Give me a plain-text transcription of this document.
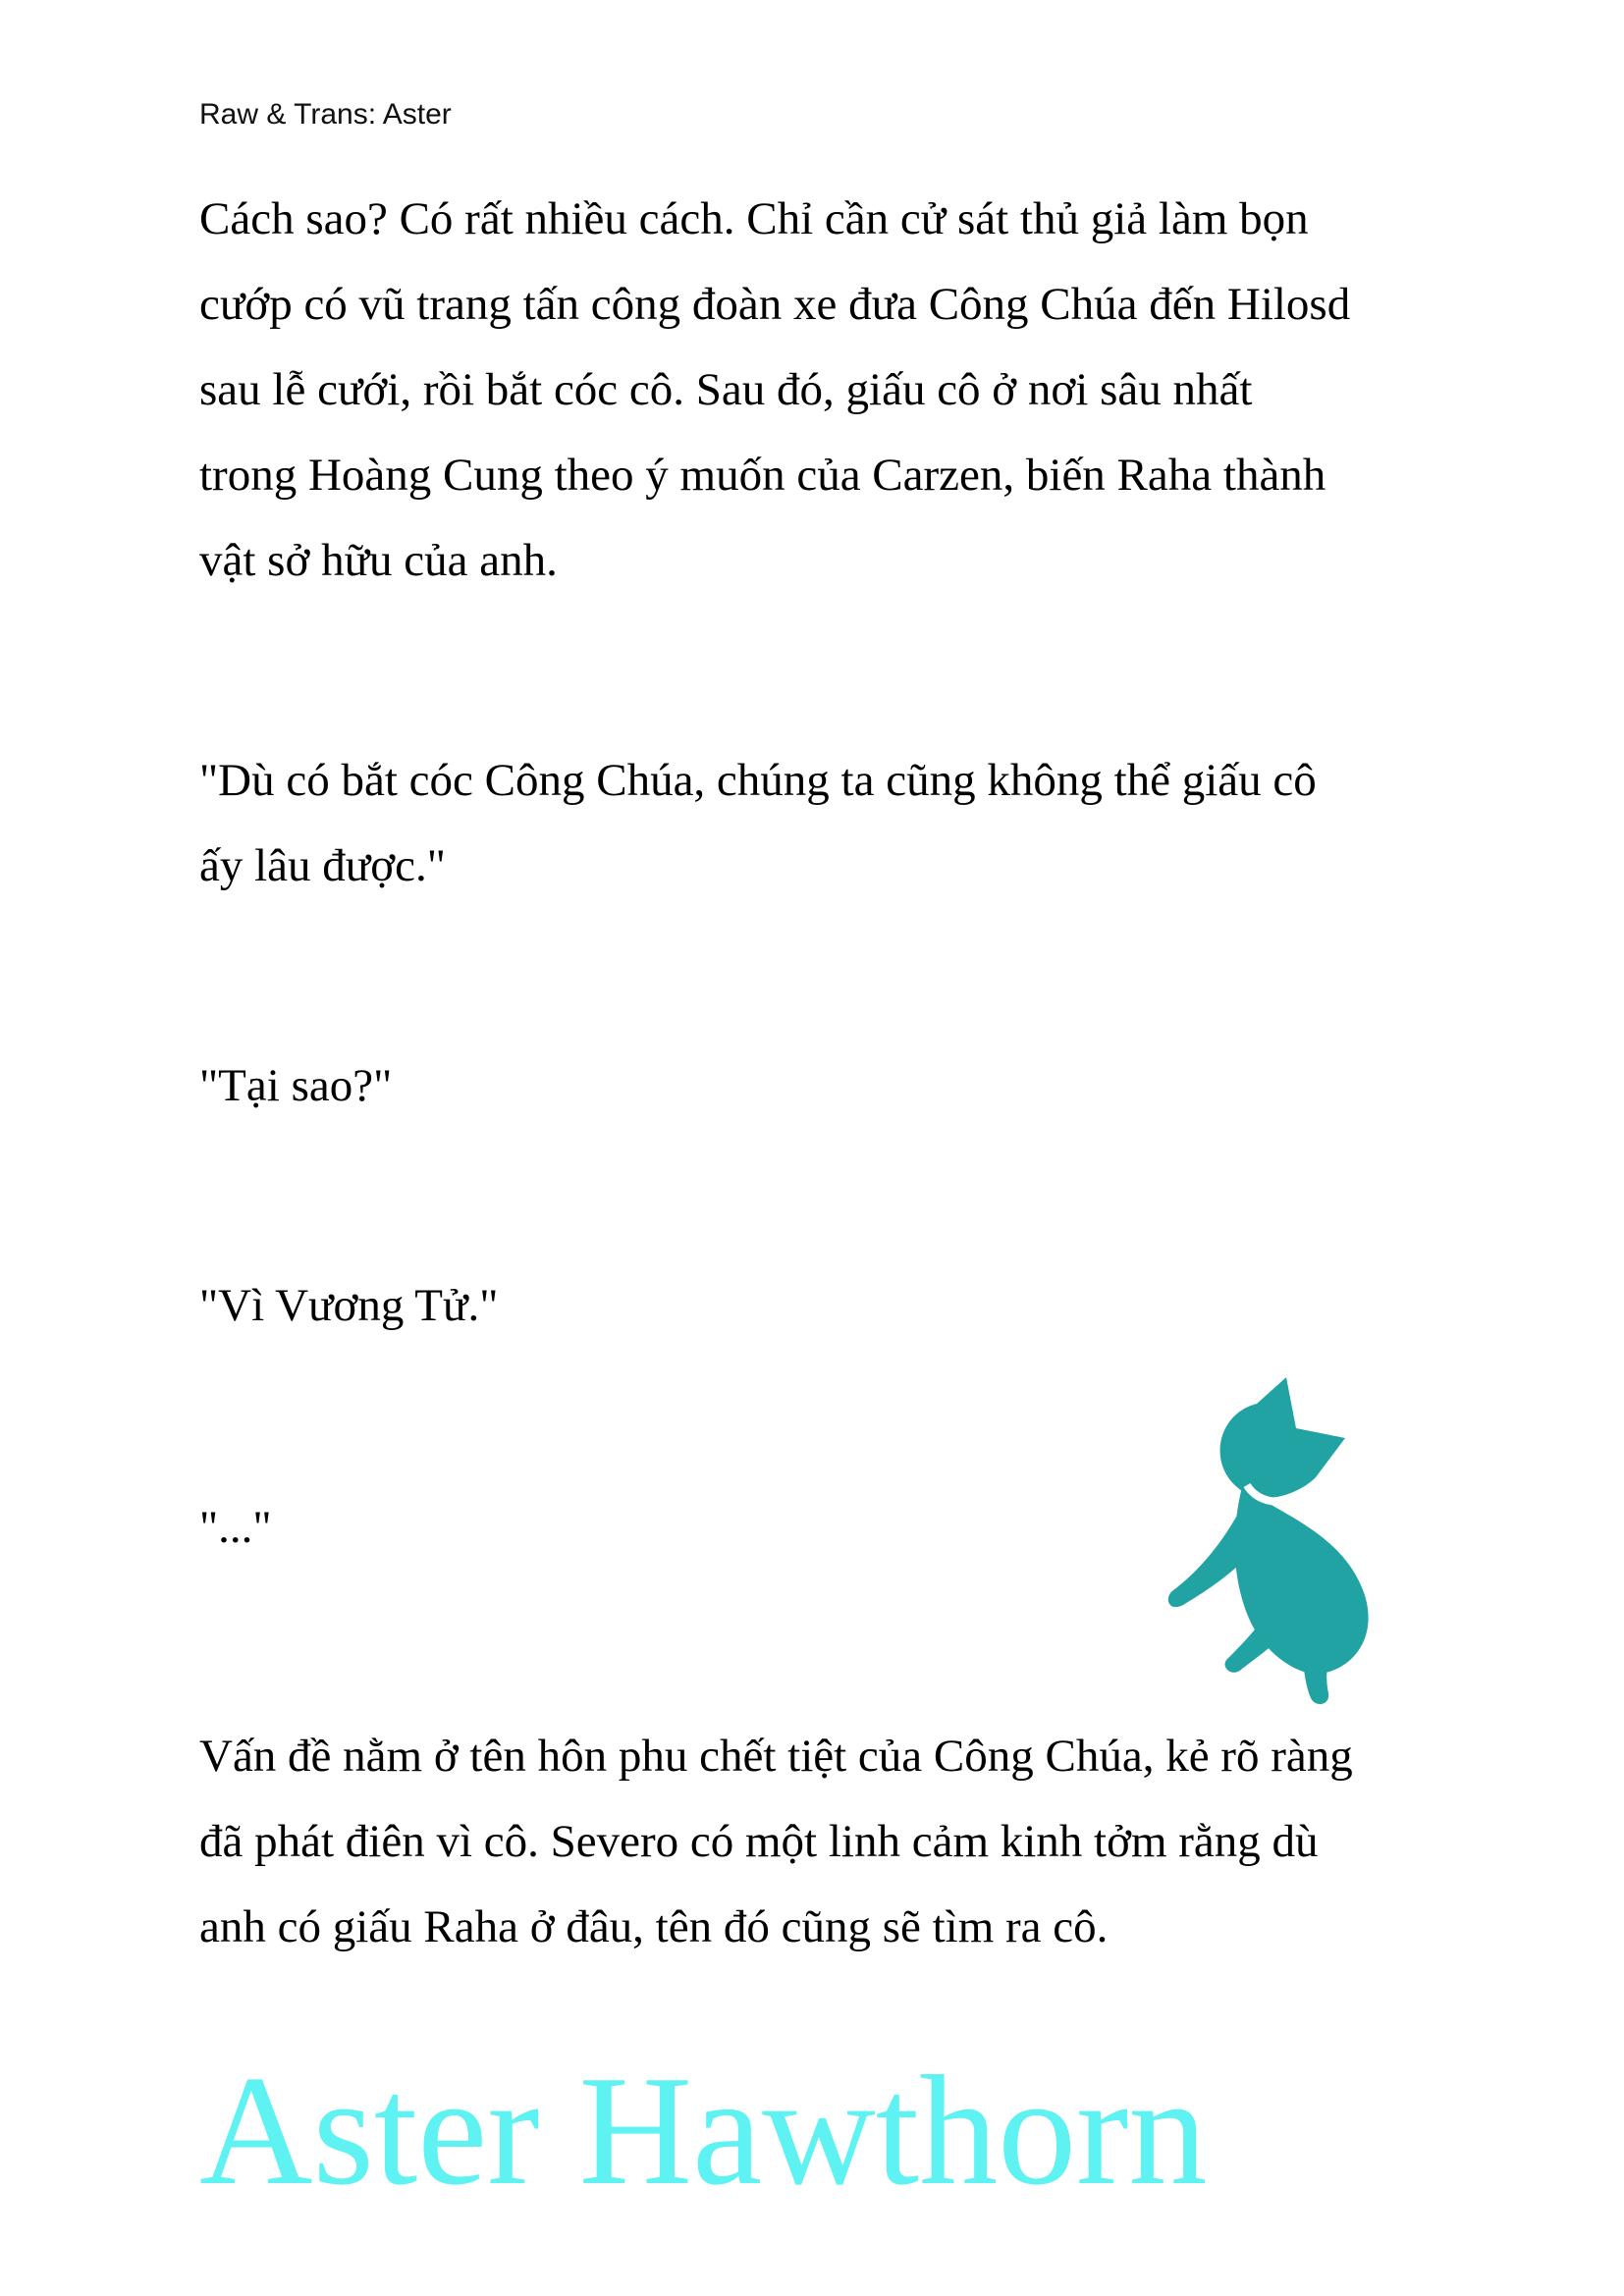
Raw & Trans: Aster
Cách sao? Có rất nhiều cách. Chỉ cần cử sát thủ giả làm bọn
cướp có vũ trang tấn công đoàn xe đưa Công Chúa đến Hilosd
sau lễ cưới, rồi bắt cóc cô. Sau đó, giấu cô ở nơi sâu nhất
trong Hoàng Cung theo ý muốn của Carzen, biến Raha thành
vật sở hữu của anh.
"Dù có bắt cóc Công Chúa, chúng ta cũng không thể giấu cô
ấy lâu được."
"Tại sao?"
"Vì Vương Tử."
"..."
Vấn đề nằm ở tên hôn phu chết tiệt của Công Chúa, kẻ rõ ràng
đã phát điên vì cô. Severo có một linh cảm kinh tởm rằng dù
anh có giấu Raha ở đâu, tên đó cũng sẽ tìm ra cô.
Aster Hawthorn
